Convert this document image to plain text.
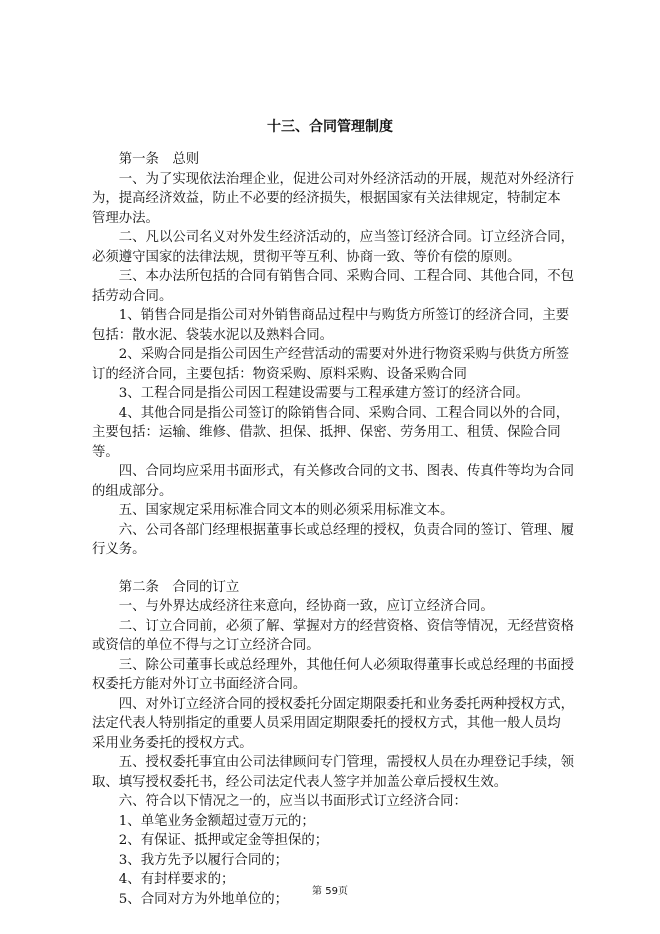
十三、合同管理制度
　　第一条　总则
　　一、为了实现依法治理企业，促进公司对外经济活动的开展，规范对外经济行
为，提高经济效益，防止不必要的经济损失，根据国家有关法律规定，特制定本
管理办法。
　　二、凡以公司名义对外发生经济活动的，应当签订经济合同。订立经济合同，
必须遵守国家的法律法规，贯彻平等互利、协商一致、等价有偿的原则。
　　三、本办法所包括的合同有销售合同、采购合同、工程合同、其他合同，不包
括劳动合同。
　　1、销售合同是指公司对外销售商品过程中与购货方所签订的经济合同，主要
包括：散水泥、袋装水泥以及熟料合同。
　　2、采购合同是指公司因生产经营活动的需要对外进行物资采购与供货方所签
订的经济合同，主要包括：物资采购、原料采购、设备采购合同
　　3、工程合同是指公司因工程建设需要与工程承建方签订的经济合同。
　　4、其他合同是指公司签订的除销售合同、采购合同、工程合同以外的合同，
主要包括：运输、维修、借款、担保、抵押、保密、劳务用工、租赁、保险合同
等。
　　四、合同均应采用书面形式，有关修改合同的文书、图表、传真件等均为合同
的组成部分。
　　五、国家规定采用标准合同文本的则必须采用标准文本。
　　六、公司各部门经理根据董事长或总经理的授权，负责合同的签订、管理、履
行义务。
　　第二条　合同的订立
　　一、与外界达成经济往来意向，经协商一致，应订立经济合同。
　　二、订立合同前，必须了解、掌握对方的经营资格、资信等情况，无经营资格
或资信的单位不得与之订立经济合同。
　　三、除公司董事长或总经理外，其他任何人必须取得董事长或总经理的书面授
权委托方能对外订立书面经济合同。
　　四、对外订立经济合同的授权委托分固定期限委托和业务委托两种授权方式，
法定代表人特别指定的重要人员采用固定期限委托的授权方式，其他一般人员均
采用业务委托的授权方式。
　　五、授权委托事宜由公司法律顾问专门管理，需授权人员在办理登记手续，领
取、填写授权委托书，经公司法定代表人签字并加盖公章后授权生效。
　　六、符合以下情况之一的，应当以书面形式订立经济合同：
　　1、单笔业务金额超过壹万元的；
　　2、有保证、抵押或定金等担保的；
　　3、我方先予以履行合同的；
　　4、有封样要求的；
　　5、合同对方为外地单位的；	第 59页
